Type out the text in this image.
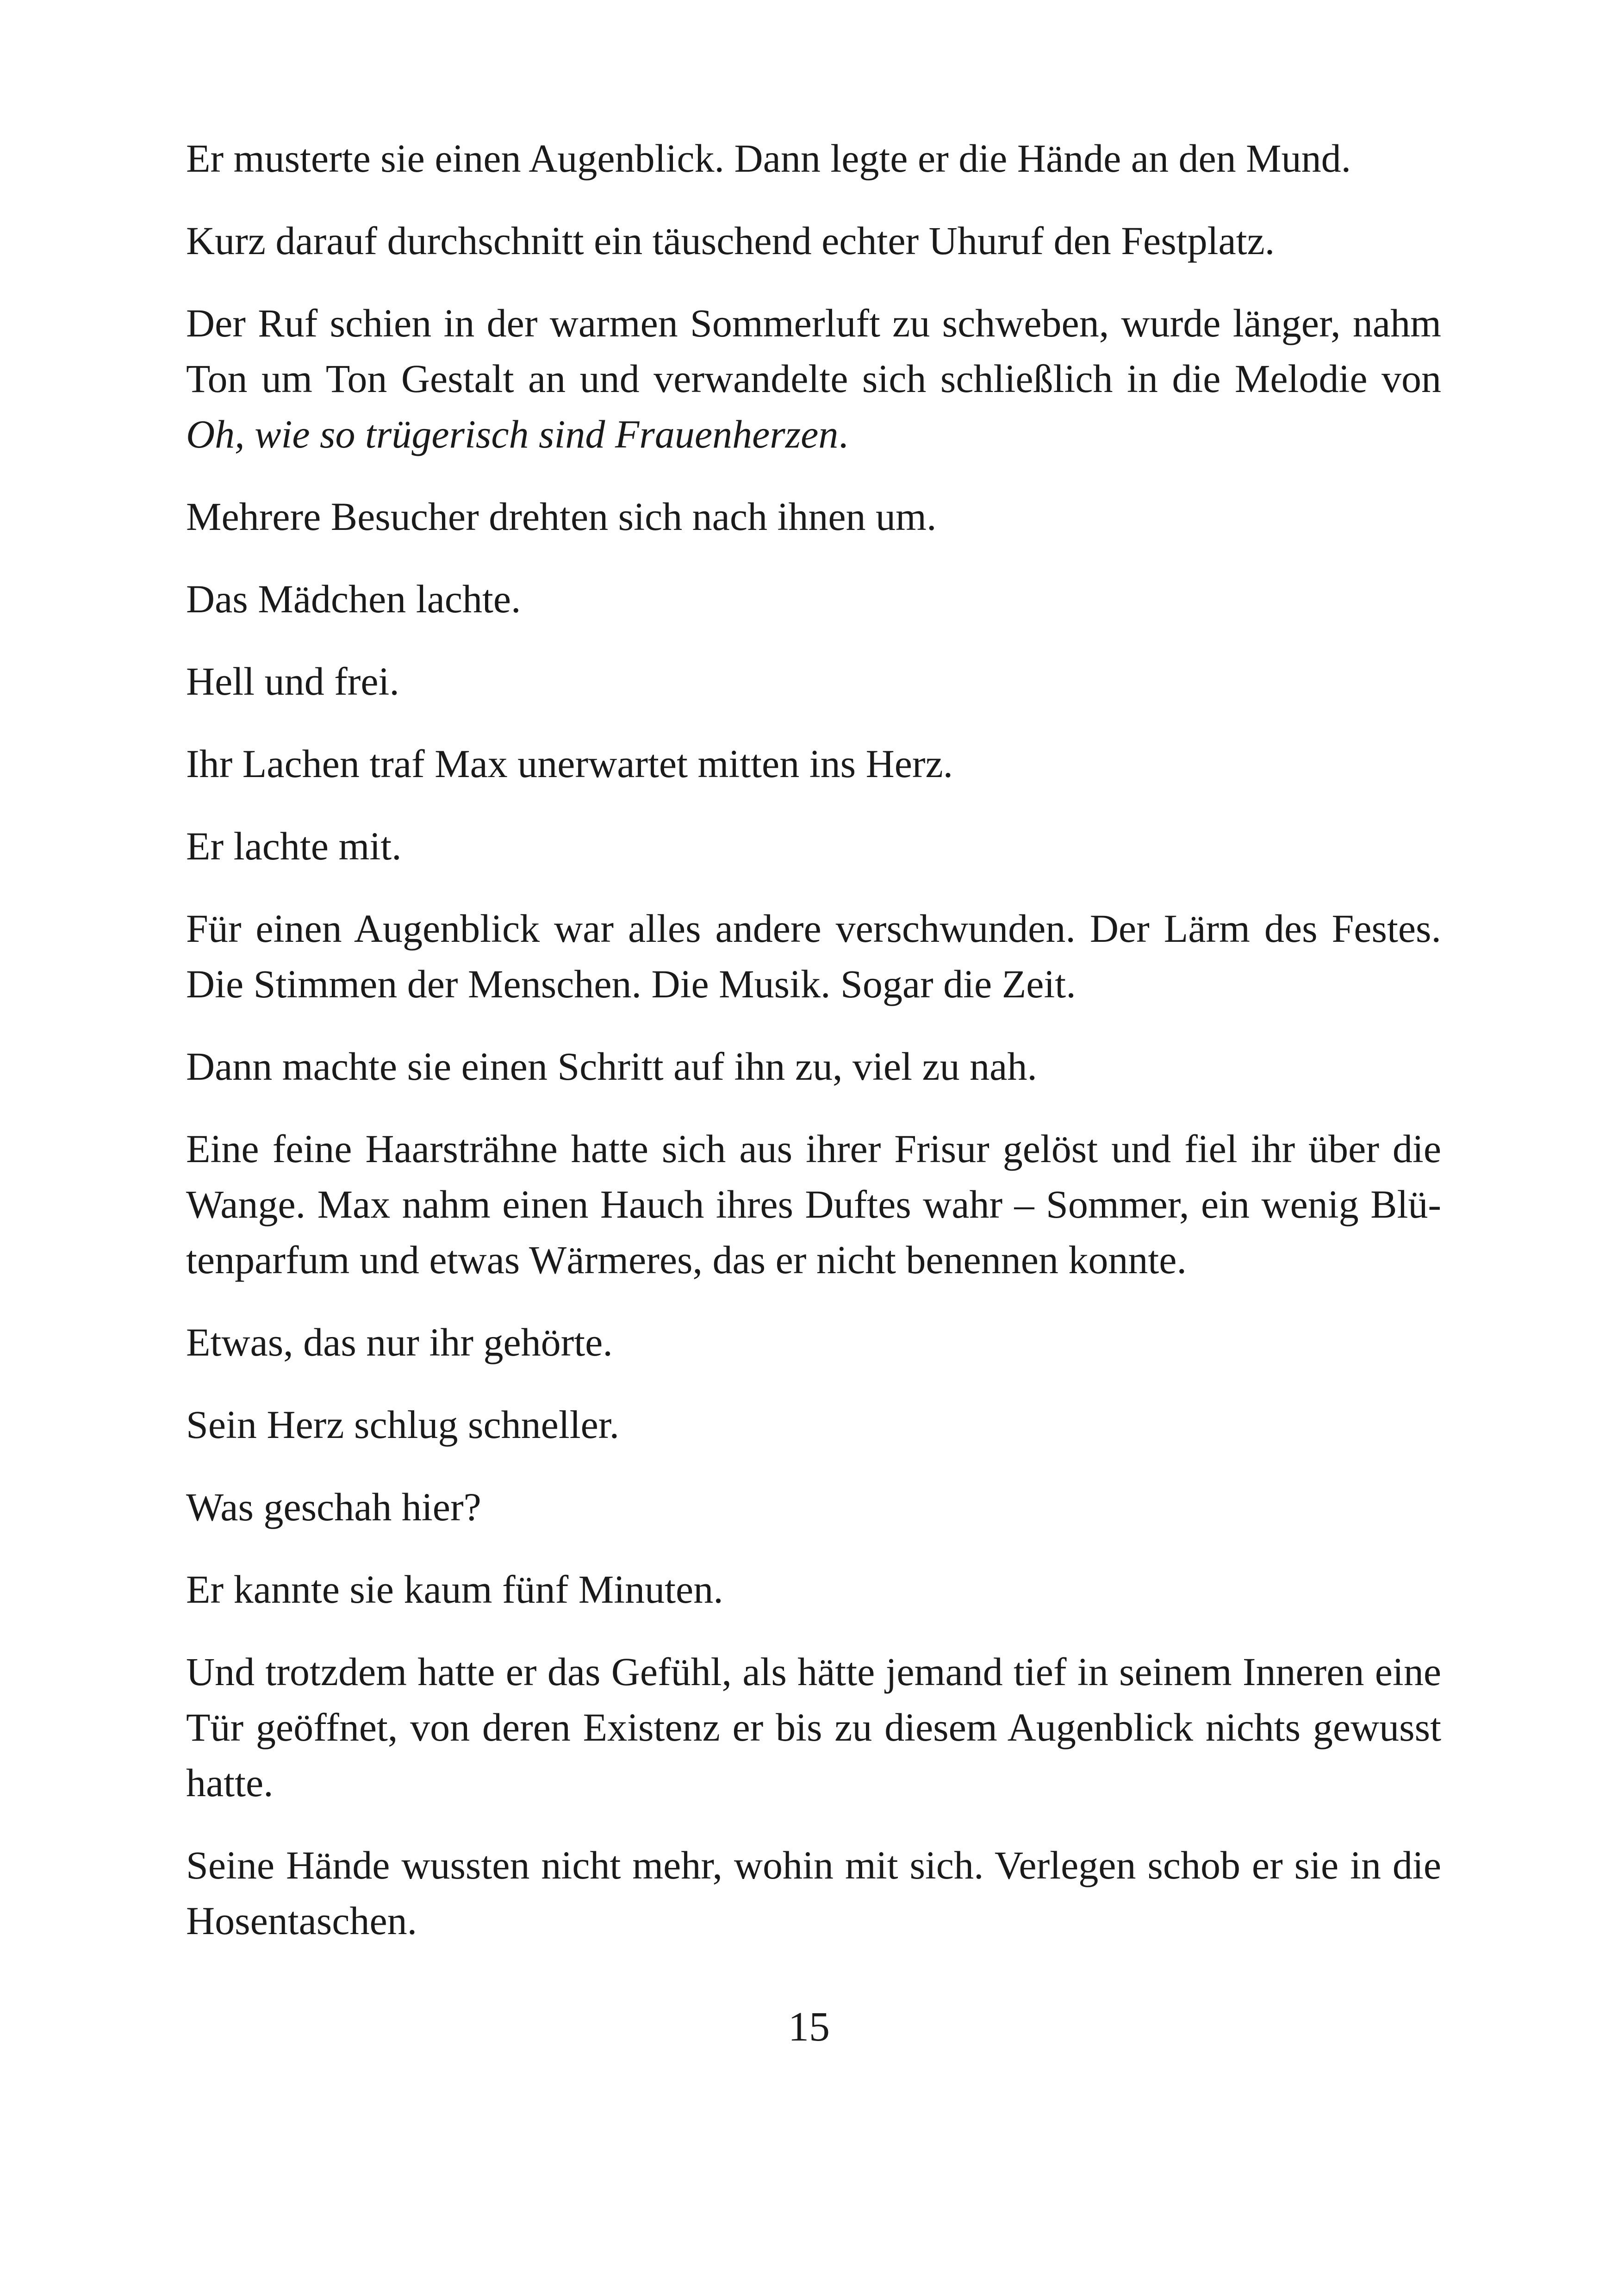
Er musterte sie einen Augenblick. Dann legte er die Hände an den Mund.

Kurz darauf durchschnitt ein täuschend echter Uhuruf den Festplatz.

Der Ruf schien in der warmen Sommerluft zu schweben, wurde länger, nahm Ton um Ton Gestalt an und verwandelte sich schließlich in die Melodie von Oh, wie so trügerisch sind Frauenherzen.

Mehrere Besucher drehten sich nach ihnen um.

Das Mädchen lachte.

Hell und frei.

Ihr Lachen traf Max unerwartet mitten ins Herz.

Er lachte mit.

Für einen Augenblick war alles andere verschwunden. Der Lärm des Festes. Die Stimmen der Menschen. Die Musik. Sogar die Zeit.

Dann machte sie einen Schritt auf ihn zu, viel zu nah.

Eine feine Haarsträhne hatte sich aus ihrer Frisur gelöst und fiel ihr über die Wange. Max nahm einen Hauch ihres Duftes wahr – Sommer, ein wenig Blütenparfum und etwas Wärmeres, das er nicht benennen konnte.

Etwas, das nur ihr gehörte.

Sein Herz schlug schneller.

Was geschah hier?

Er kannte sie kaum fünf Minuten.

Und trotzdem hatte er das Gefühl, als hätte jemand tief in seinem Inneren eine Tür geöffnet, von deren Existenz er bis zu diesem Augenblick nichts gewusst hatte.

Seine Hände wussten nicht mehr, wohin mit sich. Verlegen schob er sie in die Hosentaschen.

15
